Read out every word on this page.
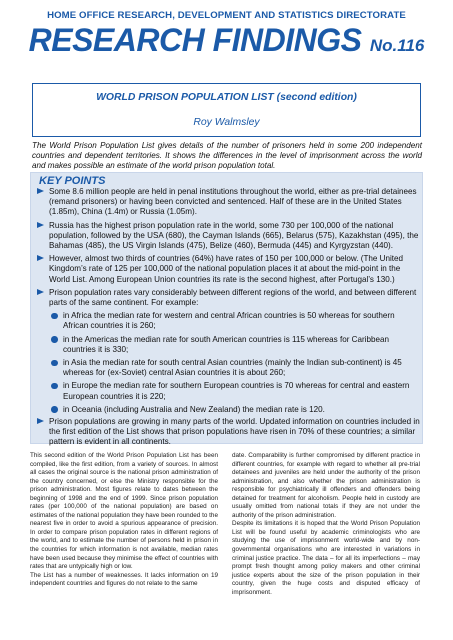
HOME OFFICE RESEARCH, DEVELOPMENT AND STATISTICS DIRECTORATE
RESEARCH FINDINGS No.116
WORLD PRISON POPULATION LIST (second edition)
Roy Walmsley
The World Prison Population List gives details of the number of prisoners held in some 200 independent countries and dependent territories. It shows the differences in the level of imprisonment across the world and makes possible an estimate of the world prison population total.
KEY POINTS
Some 8.6 million people are held in penal institutions throughout the world, either as pre-trial detainees (remand prisoners) or having been convicted and sentenced. Half of these are in the United States (1.85m), China (1.4m) or Russia (1.05m).
Russia has the highest prison population rate in the world, some 730 per 100,000 of the national population, followed by the USA (680), the Cayman Islands (665), Belarus (575), Kazakhstan (495), the Bahamas (485), the US Virgin Islands (475), Belize (460), Bermuda (445) and Kyrgyzstan (440).
However, almost two thirds of countries (64%) have rates of 150 per 100,000 or below. (The United Kingdom’s rate of 125 per 100,000 of the national population places it at about the mid-point in the World List. Among European Union countries its rate is the second highest, after Portugal’s 130.)
Prison population rates vary considerably between different regions of the world, and between different parts of the same continent. For example:
in Africa the median rate for western and central African countries is 50 whereas for southern African countries it is 260;
in the Americas the median rate for south American countries is 115 whereas for Caribbean countries it is 330;
in Asia the median rate for south central Asian countries (mainly the Indian sub-continent) is 45 whereas for (ex-Soviet) central Asian countries it is about 260;
in Europe the median rate for southern European countries is 70 whereas for central and eastern European countries it is 220;
in Oceania (including Australia and New Zealand) the median rate is 120.
Prison populations are growing in many parts of the world. Updated information on countries included in the first edition of the List shows that prison populations have risen in 70% of these countries; a similar pattern is evident in all continents.

This second edition of the World Prison Population List has been compiled, like the first edition, from a variety of sources. In almost all cases the original source is the national prison administration of the country concerned, or else the Ministry responsible for the prison administration. Most figures relate to dates between the beginning of 1998 and the end of 1999. Since prison population rates (per 100,000 of the national population) are based on estimates of the national population they have been rounded to the nearest five in order to avoid a spurious appearance of precision. In order to compare prison population rates in different regions of the world, and to estimate the number of persons held in prison in the countries for which information is not available, median rates have been used because they minimise the effect of countries with rates that are untypically high or low.

The List has a number of weaknesses. It lacks information on 19 independent countries and figures do not relate to the same

date. Comparability is further compromised by different practice in different countries, for example with regard to whether all pre-trial detainees and juveniles are held under the authority of the prison administration, and also whether the prison administration is responsible for psychiatrically ill offenders and offenders being detained for treatment for alcoholism. People held in custody are usually omitted from national totals if they are not under the authority of the prison administration.

Despite its limitations it is hoped that the World Prison Population List will be found useful by academic criminologists who are studying the use of imprisonment world-wide and by non-governmental organisations who are interested in variations in criminal justice practice. The data – for all its imperfections – may prompt fresh thought among policy makers and other criminal justice experts about the size of the prison population in their country, given the huge costs and disputed efficacy of imprisonment.
